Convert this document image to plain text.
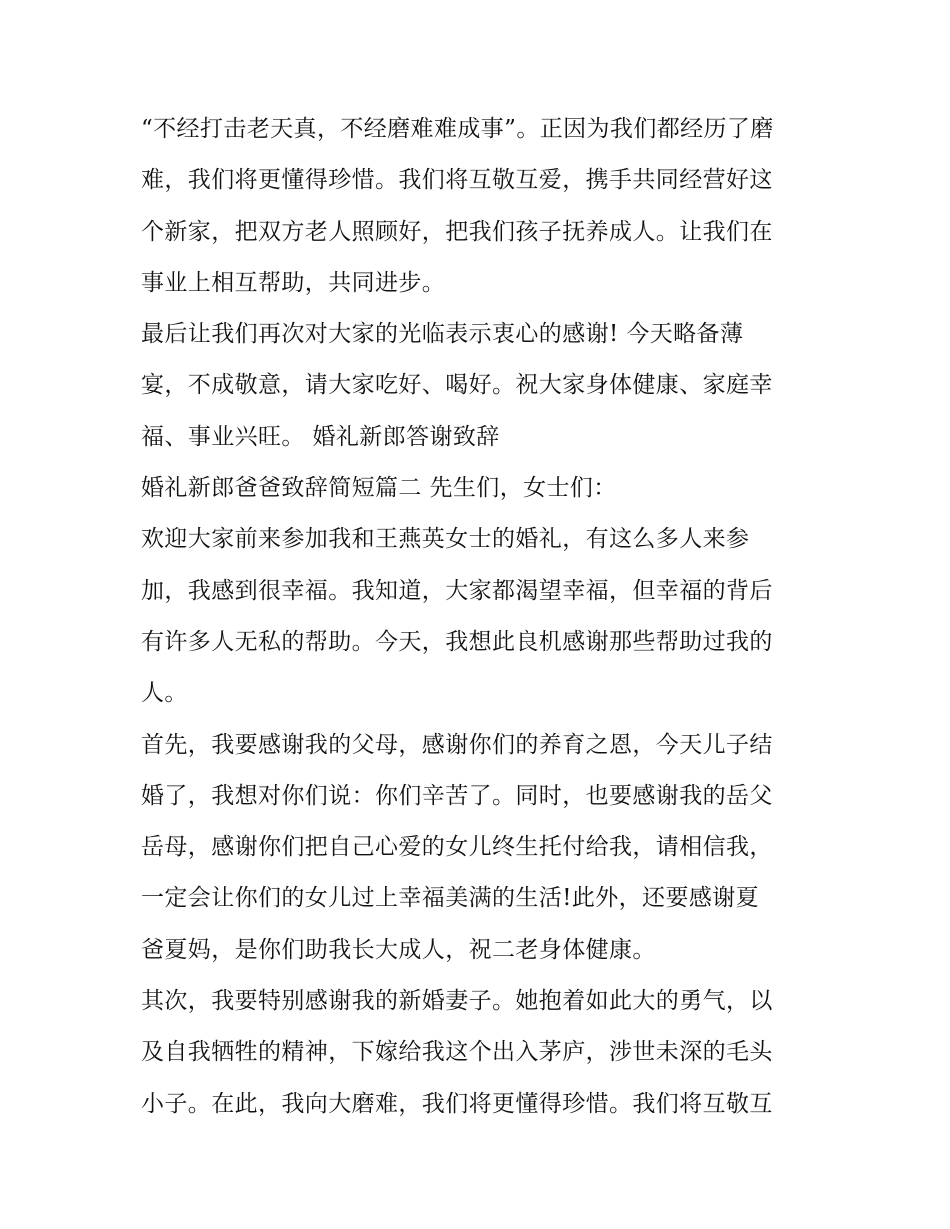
“不经打击老天真，不经磨难难成事”。正因为我们都经历了磨
难，我们将更懂得珍惜。我们将互敬互爱，携手共同经营好这
个新家，把双方老人照顾好，把我们孩子抚养成人。让我们在
事业上相互帮助，共同进步。
最后让我们再次对大家的光临表示衷心的感谢! 今天略备薄
宴，不成敬意，请大家吃好、喝好。祝大家身体健康、家庭幸
福、事业兴旺。 婚礼新郎答谢致辞
婚礼新郎爸爸致辞简短篇二 先生们，女士们：
欢迎大家前来参加我和王燕英女士的婚礼，有这么多人来参
加，我感到很幸福。我知道，大家都渴望幸福，但幸福的背后
有许多人无私的帮助。今天，我想此良机感谢那些帮助过我的
人。
首先，我要感谢我的父母，感谢你们的养育之恩，今天儿子结
婚了，我想对你们说：你们辛苦了。同时，也要感谢我的岳父
岳母，感谢你们把自己心爱的女儿终生托付给我，请相信我，
一定会让你们的女儿过上幸福美满的生活!此外，还要感谢夏
爸夏妈，是你们助我长大成人，祝二老身体健康。
其次，我要特别感谢我的新婚妻子。她抱着如此大的勇气，以
及自我牺牲的精神，下嫁给我这个出入茅庐，涉世未深的毛头
小子。在此，我向大磨难，我们将更懂得珍惜。我们将互敬互
